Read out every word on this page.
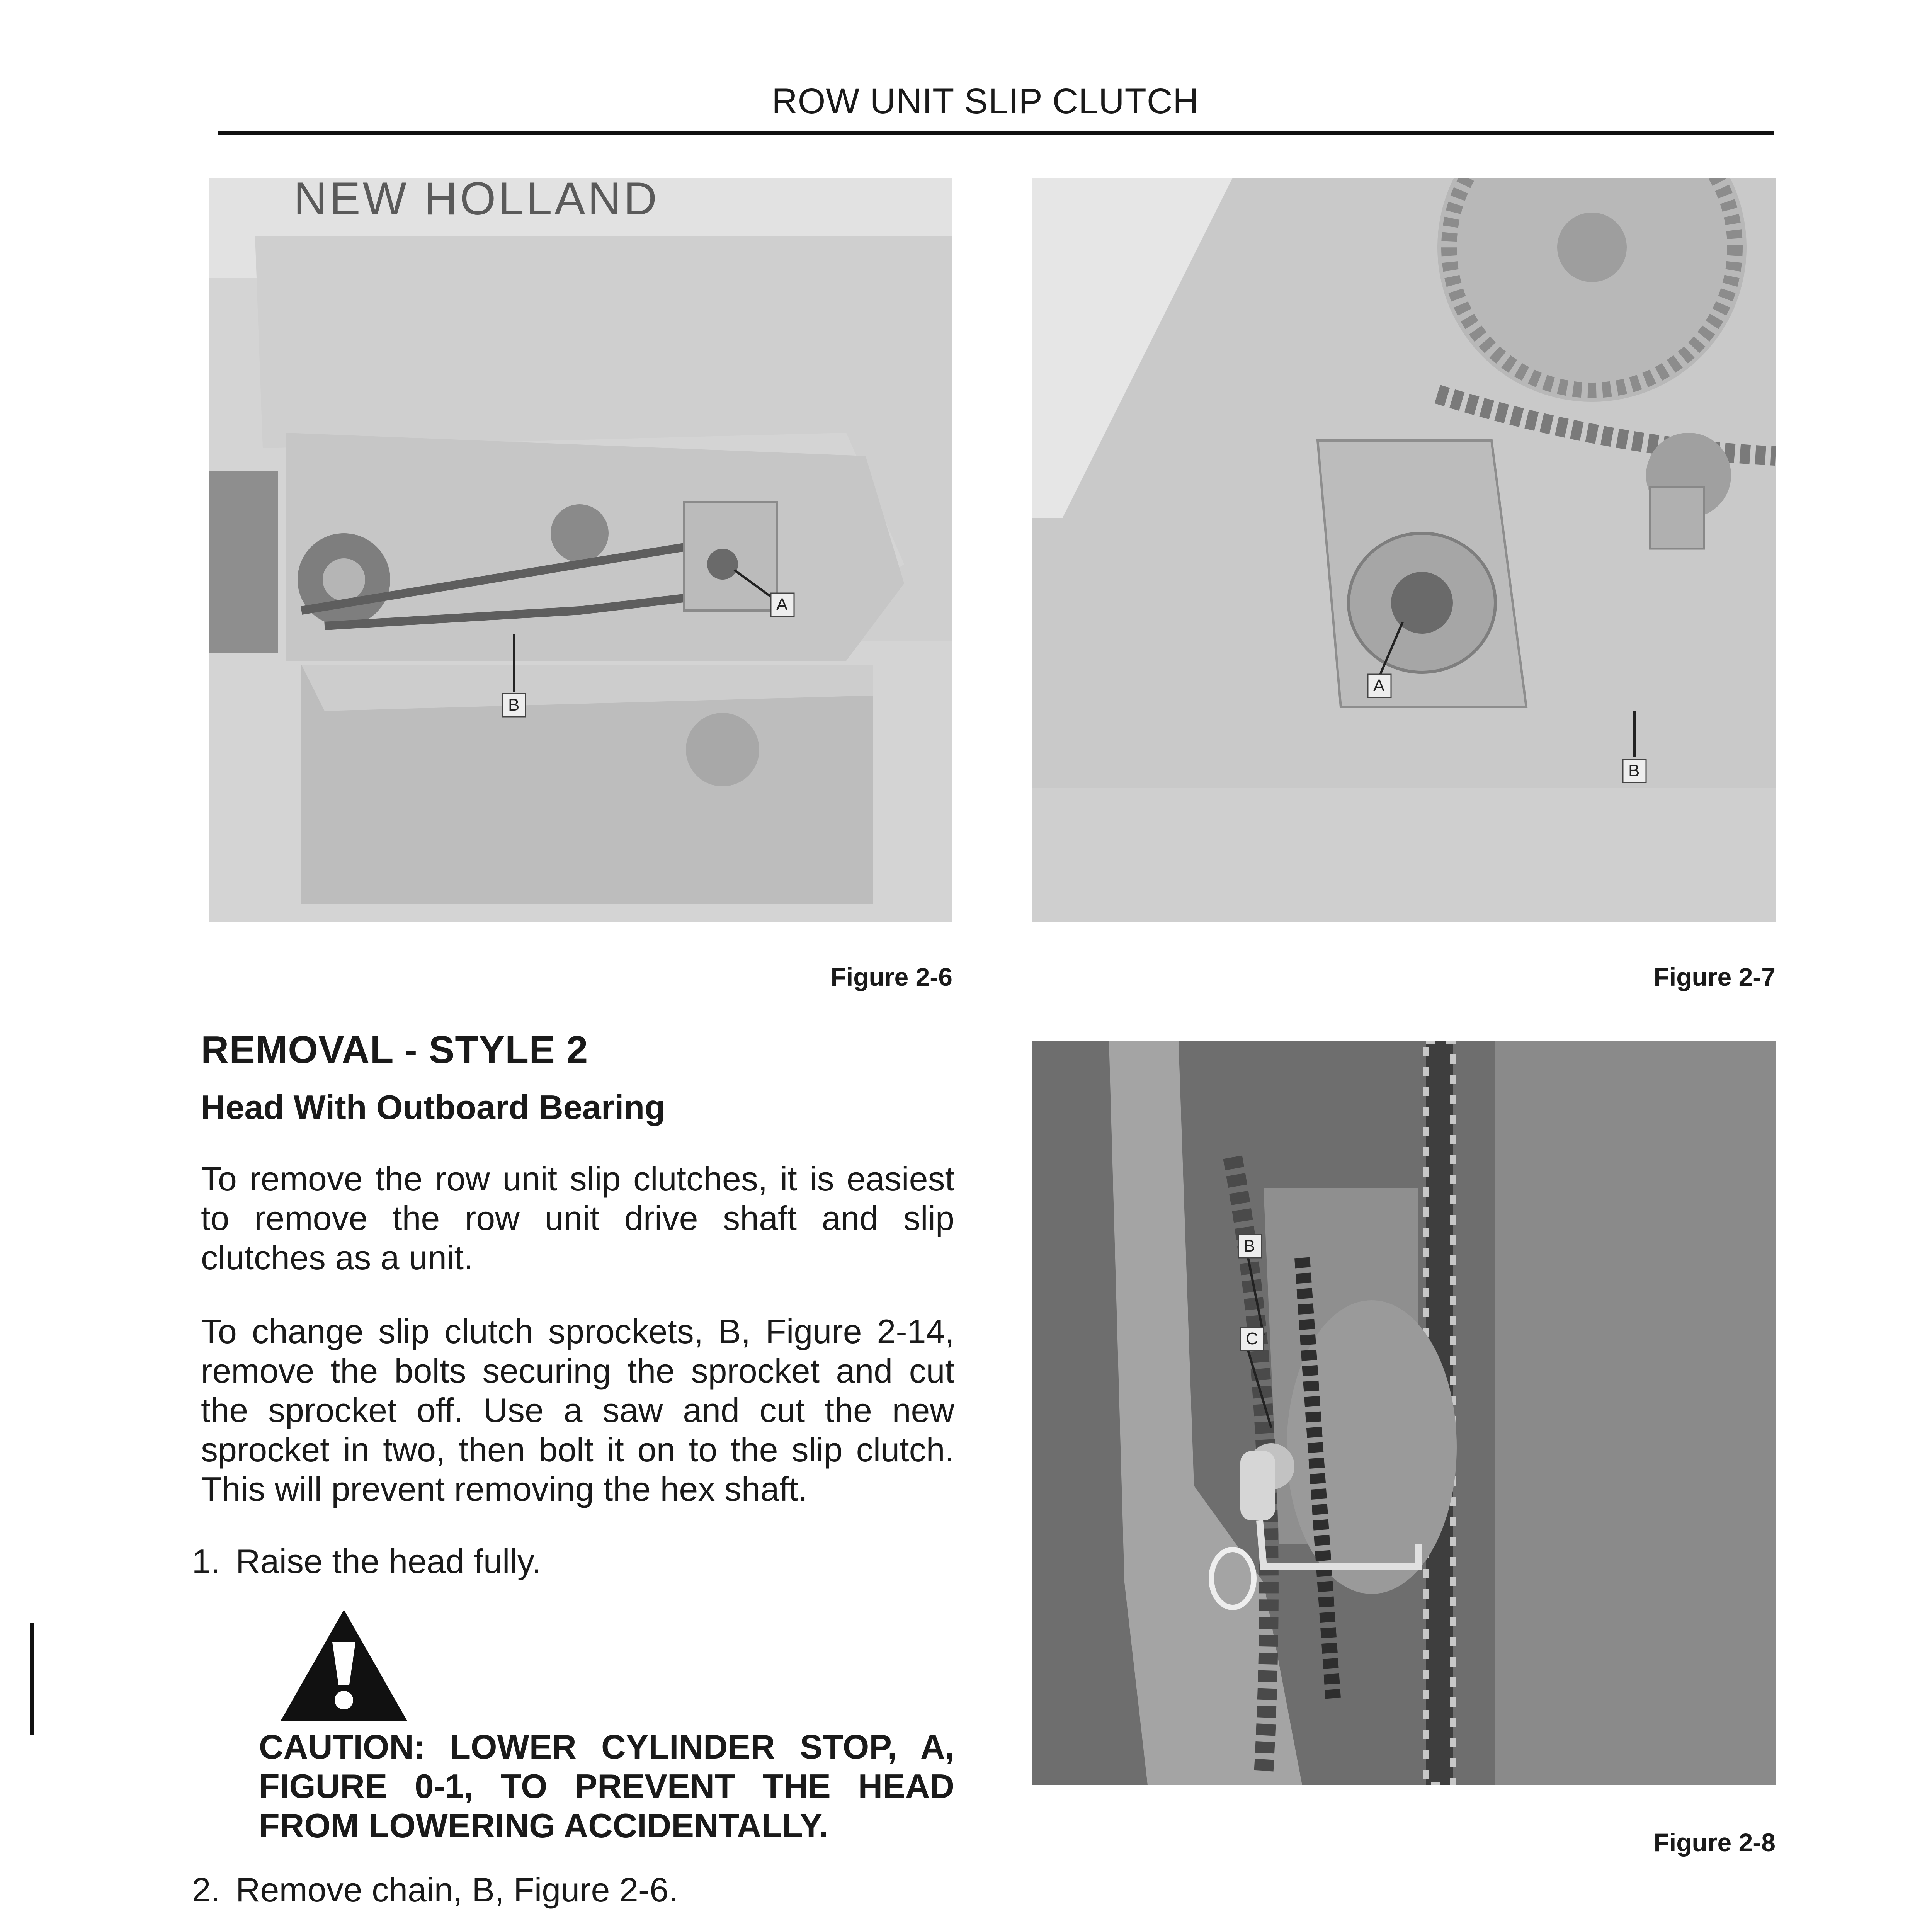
ROW UNIT SLIP CLUTCH
NEW HOLLAND
A
B
Figure 2-6
A
B
Figure 2-7
B
C
Figure 2-8
REMOVAL - STYLE 2
Head With Outboard Bearing
To remove the row unit slip clutches, it is easiest to remove the row unit drive shaft and slip clutches as a unit.
To change slip clutch sprockets, B, Figure 2-14, remove the bolts securing the sprocket and cut the sprocket off. Use a saw and cut the new sprocket in two, then bolt it on to the slip clutch. This will prevent removing the hex shaft.
1. Raise the head fully.
CAUTION: LOWER CYLINDER STOP, A, FIGURE 0-1, TO PREVENT THE HEAD FROM LOWERING ACCIDENTALLY.
2. Remove chain, B, Figure 2-6.
